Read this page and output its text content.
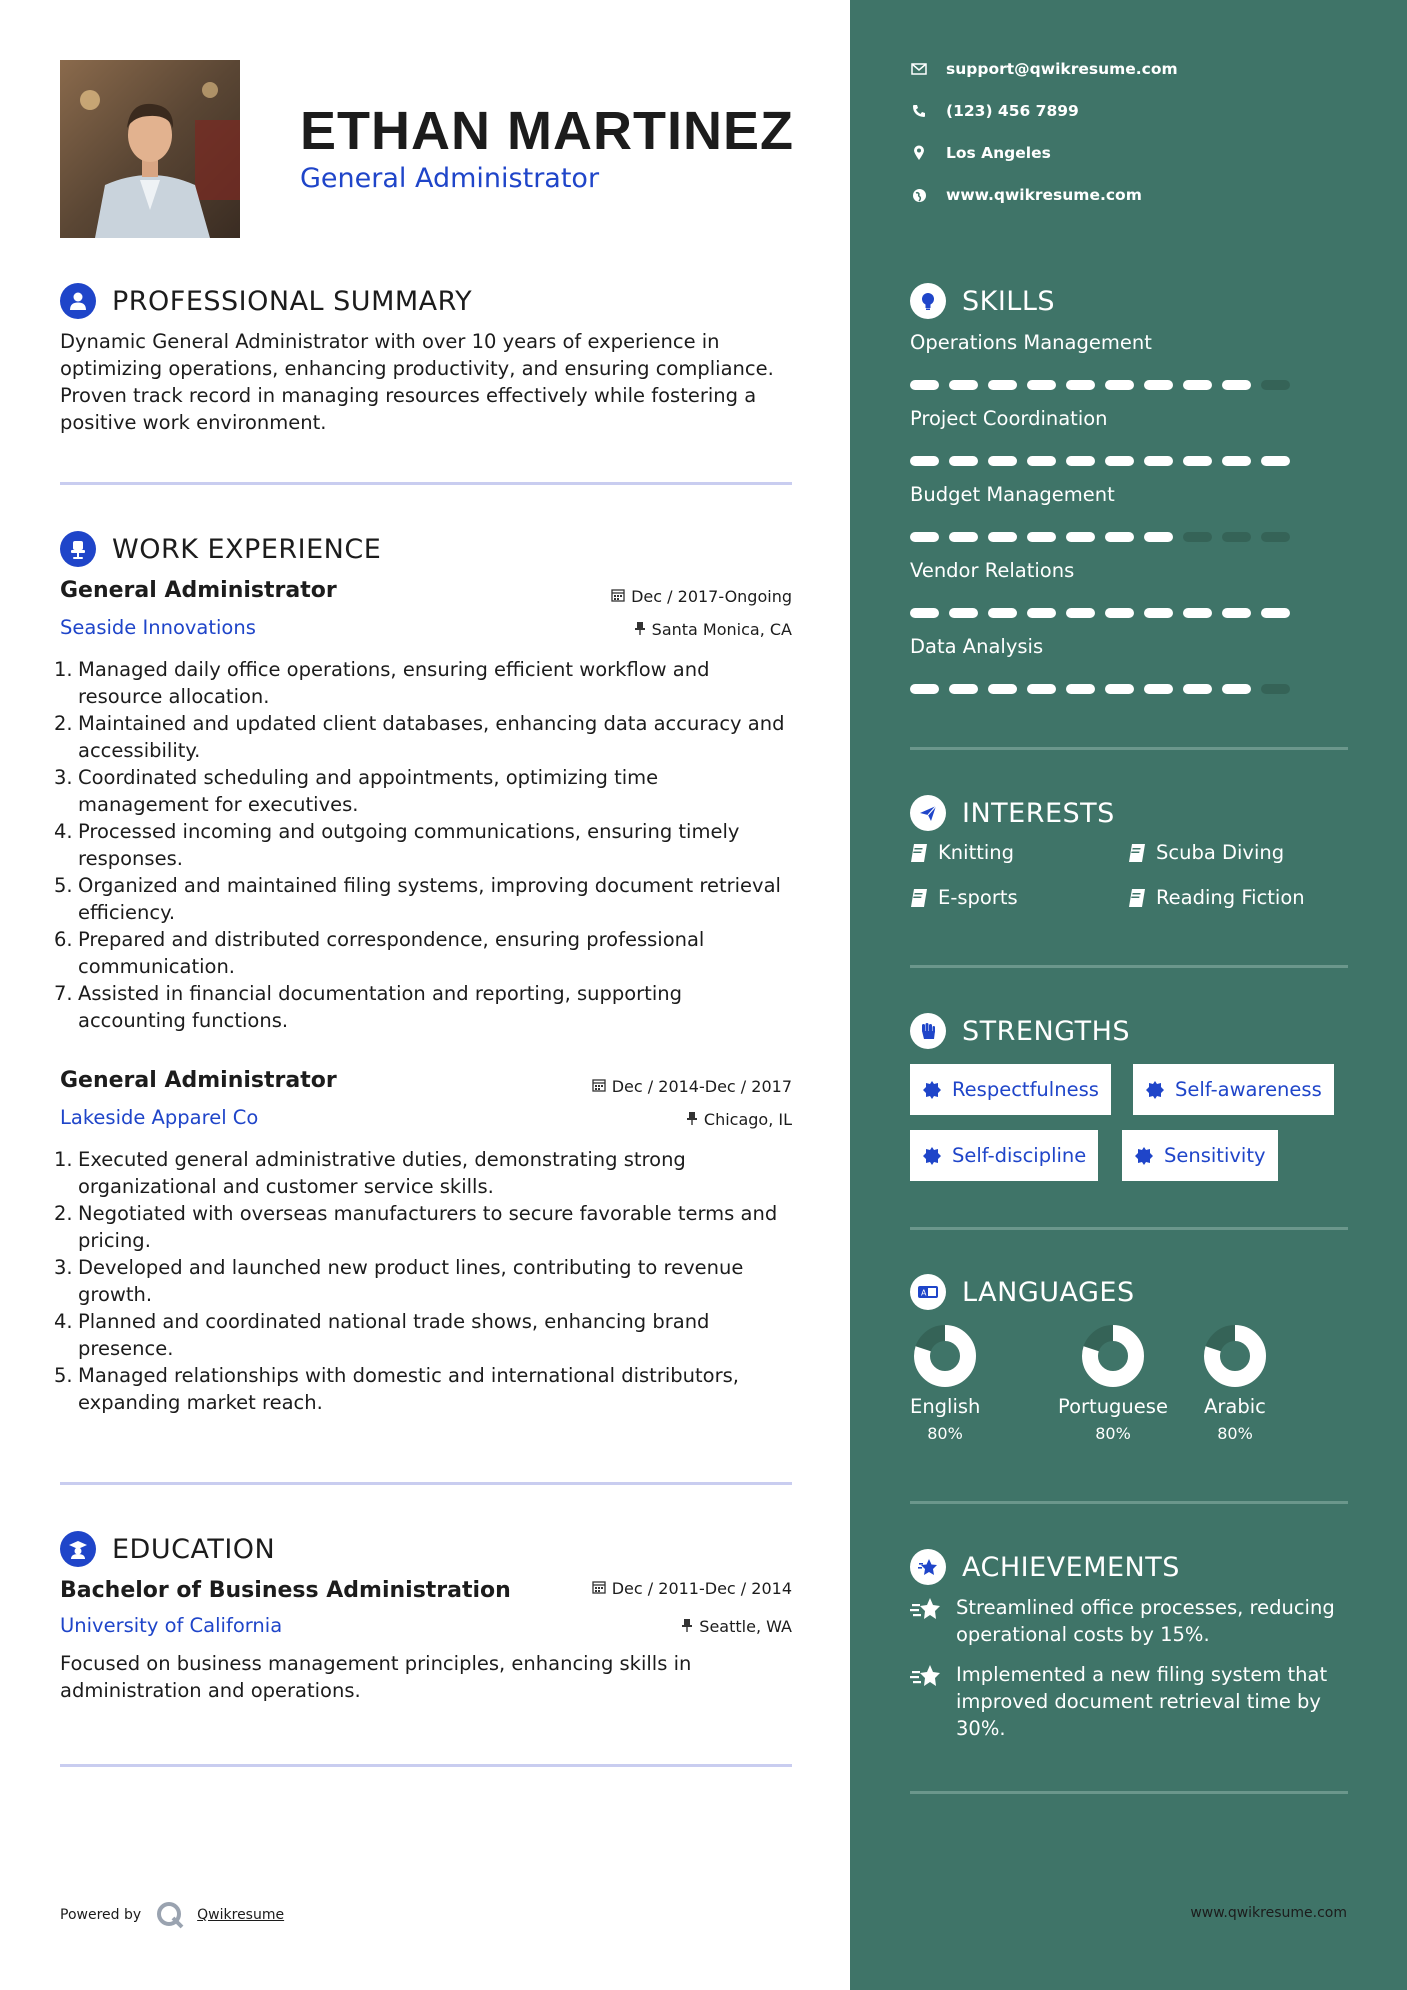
ETHAN MARTINEZ
General Administrator
PROFESSIONAL SUMMARY
Dynamic General Administrator with over 10 years of experience in optimizing operations, enhancing productivity, and ensuring compliance. Proven track record in managing resources effectively while fostering a positive work environment.
WORK EXPERIENCE
General Administrator	Dec / 2017-Ongoing
Seaside Innovations	Santa Monica, CA
1. Managed daily office operations, ensuring efficient workflow and resource allocation.
2. Maintained and updated client databases, enhancing data accuracy and accessibility.
3. Coordinated scheduling and appointments, optimizing time management for executives.
4. Processed incoming and outgoing communications, ensuring timely responses.
5. Organized and maintained filing systems, improving document retrieval efficiency.
6. Prepared and distributed correspondence, ensuring professional communication.
7. Assisted in financial documentation and reporting, supporting accounting functions.
General Administrator	Dec / 2014-Dec / 2017
Lakeside Apparel Co	Chicago, IL
1. Executed general administrative duties, demonstrating strong organizational and customer service skills.
2. Negotiated with overseas manufacturers to secure favorable terms and pricing.
3. Developed and launched new product lines, contributing to revenue growth.
4. Planned and coordinated national trade shows, enhancing brand presence.
5. Managed relationships with domestic and international distributors, expanding market reach.
EDUCATION
Bachelor of Business Administration	Dec / 2011-Dec / 2014
University of California	Seattle, WA
Focused on business management principles, enhancing skills in administration and operations.
Powered by	Qwikresume
support@qwikresume.com
(123) 456 7899
Los Angeles
www.qwikresume.com
SKILLS
Operations Management
Project Coordination
Budget Management
Vendor Relations
Data Analysis
INTERESTS
Knitting	Scuba Diving
E-sports	Reading Fiction
STRENGTHS
Respectfulness	Self-awareness
Self-discipline	Sensitivity
A LANGUAGES
English
80%
Portuguese
80%
Arabic
80%
ACHIEVEMENTS
Streamlined office processes, reducing operational costs by 15%.
Implemented a new filing system that improved document retrieval time by 30%.
www.qwikresume.com
